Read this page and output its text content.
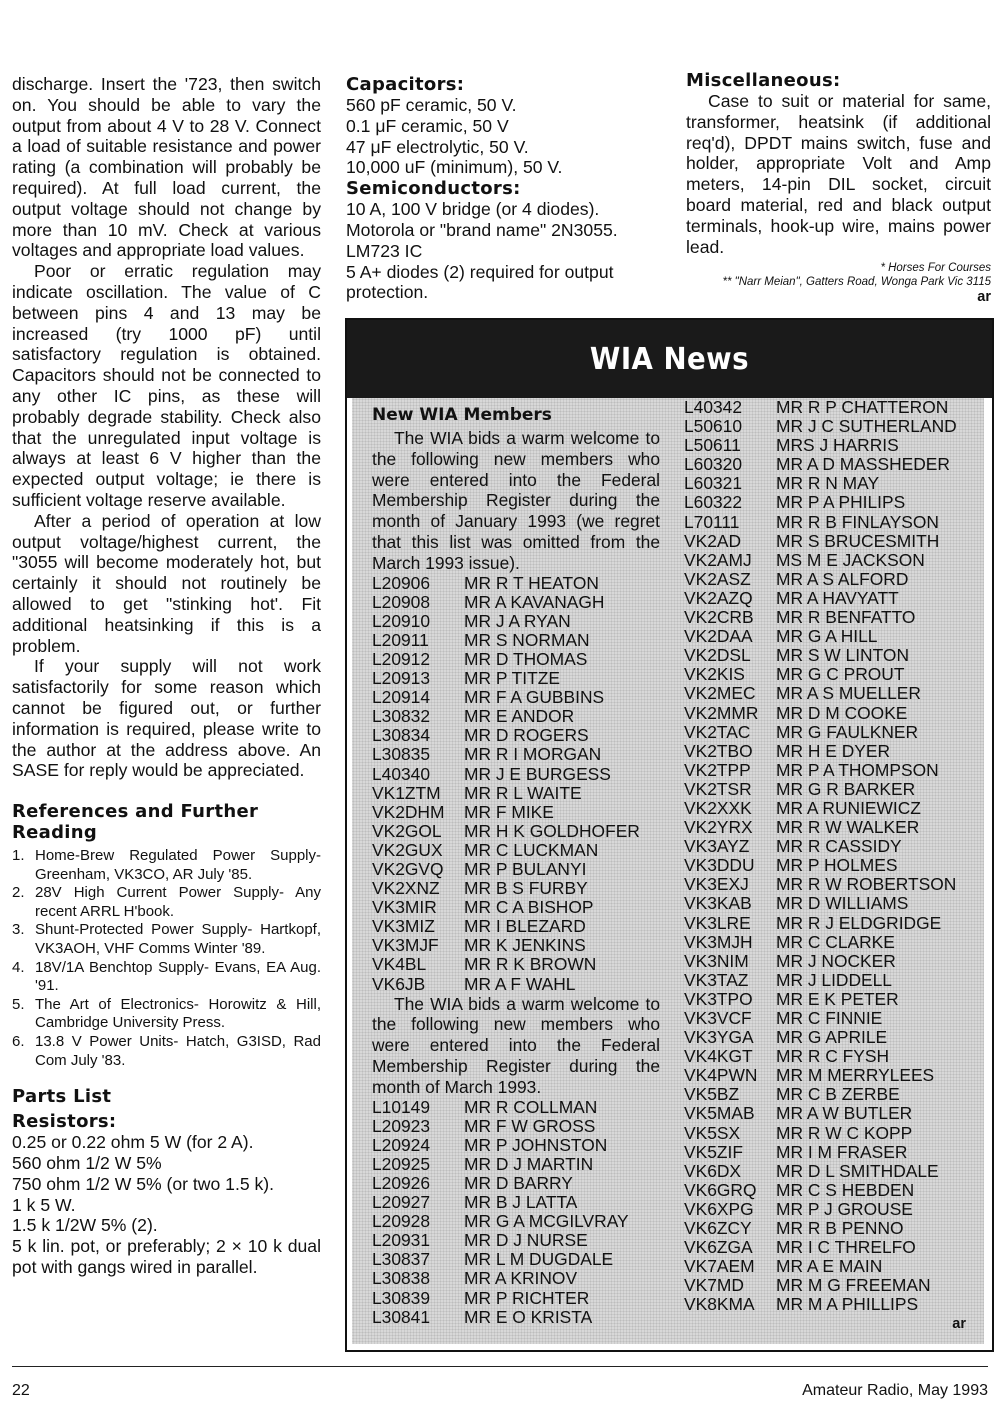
discharge. Insert the '723, then switch on. You should be able to vary the output from about 4 V to 28 V. Connect a load of suitable resistance and power rating (a combination will probably be required). At full load current, the output voltage should not change by more than 10 mV. Check at various voltages and appropriate load values.

Poor or erratic regulation may indicate oscillation. The value of C between pins 4 and 13 may be increased (try 1000 pF) until satisfactory regulation is obtained. Capacitors should not be connected to any other IC pins, as these will probably degrade stability. Check also that the unregulated input voltage is always at least 6 V higher than the expected output voltage; ie there is sufficient voltage reserve available.

After a period of operation at low output voltage/highest current, the "3055 will become moderately hot, but certainly it should not routinely be allowed to get "stinking hot'. Fit additional heatsinking if this is a problem.

If your supply will not work satisfactorily for some reason which cannot be figured out, or further information is required, please write to the author at the address above. An SASE for reply would be appreciated.

References and Further Reading
1. Home-Brew Regulated Power Supply- Greenham, VK3CO, AR July '85.
2. 28V High Current Power Supply- Any recent ARRL H'book.
3. Shunt-Protected Power Supply- Hartkopf, VK3AOH, VHF Comms Winter '89.
4. 18V/1A Benchtop Supply- Evans, EA Aug. '91.
5. The Art of Electronics- Horowitz & Hill, Cambridge University Press.
6. 13.8 V Power Units- Hatch, G3ISD, Rad Com July '83.
Parts List
Resistors:

0.25 or 0.22 ohm 5 W (for 2 A).

560 ohm 1/2 W 5%

750 ohm 1/2 W 5% (or two 1.5 k).

1 k 5 W.

1.5 k 1/2W 5% (2).

5 k lin. pot, or preferably; 2 × 10 k dual pot with gangs wired in parallel.

Capacitors:

560 pF ceramic, 50 V.

0.1 μF ceramic, 50 V

47 μF electrolytic, 50 V.

10,000 uF (minimum), 50 V.

Semiconductors:

10 A, 100 V bridge (or 4 diodes).

Motorola or "brand name" 2N3055.

LM723 IC

5 A+ diodes (2) required for output protection.

Miscellaneous:

Case to suit or material for same, transformer, heatsink (if additional req'd), DPDT mains switch, fuse and holder, appropriate Volt and Amp meters, 14-pin DIL socket, circuit board material, red and black output terminals, hook-up wire, mains power lead.

* Horses For Courses
** "Narr Meian", Gatters Road, Wonga Park Vic 3115
ar
WIA News
New WIA Members

The WIA bids a warm welcome to the following new members who were entered into the Federal Membership Register during the month of January 1993 (we regret that this list was omitted from the March 1993 issue).

L20906	MR R T HEATON
L20908	MR A KAVANAGH
L20910	MR J A RYAN
L20911	MR S NORMAN
L20912	MR D THOMAS
L20913	MR P TITZE
L20914	MR F A GUBBINS
L30832	MR E ANDOR
L30834	MR D ROGERS
L30835	MR R I MORGAN
L40340	MR J E BURGESS
VK1ZTM	MR R L WAITE
VK2DHM	MR F MIKE
VK2GOL	MR H K GOLDHOFER
VK2GUX	MR C LUCKMAN
VK2GVQ	MR P BULANYI
VK2XNZ	MR B S FURBY
VK3MIR	MR C A BISHOP
VK3MIZ	MR I BLEZARD
VK3MJF	MR K JENKINS
VK4BL	MR R K BROWN
VK6JB	MR A F WAHL

The WIA bids a warm welcome to the following new members who were entered into the Federal Membership Register during the month of March 1993.

L10149	MR R COLLMAN
L20923	MR F W GROSS
L20924	MR P JOHNSTON
L20925	MR D J MARTIN
L20926	MR D BARRY
L20927	MR B J LATTA
L20928	MR G A MCGILVRAY
L20931	MR D J NURSE
L30837	MR L M DUGDALE
L30838	MR A KRINOV
L30839	MR P RICHTER
L30841	MR E O KRISTA
L40342	MR R P CHATTERON
L50610	MR J C SUTHERLAND
L50611	MRS J HARRIS
L60320	MR A D MASSHEDER
L60321	MR R N MAY
L60322	MR P A PHILIPS
L70111	MR R B FINLAYSON
VK2AD	MR S BRUCESMITH
VK2AMJ	MS M E JACKSON
VK2ASZ	MR A S ALFORD
VK2AZQ	MR A HAVYATT
VK2CRB	MR R BENFATTO
VK2DAA	MR G A HILL
VK2DSL	MR S W LINTON
VK2KIS	MR G C PROUT
VK2MEC	MR A S MUELLER
VK2MMR	MR D M COOKE
VK2TAC	MR G FAULKNER
VK2TBO	MR H E DYER
VK2TPP	MR P A THOMPSON
VK2TSR	MR G R BARKER
VK2XXK	MR A RUNIEWICZ
VK2YRX	MR R W WALKER
VK3AYZ	MR R CASSIDY
VK3DDU	MR P HOLMES
VK3EXJ	MR R W ROBERTSON
VK3KAB	MR D WILLIAMS
VK3LRE	MR R J ELDGRIDGE
VK3MJH	MR C CLARKE
VK3NIM	MR J NOCKER
VK3TAZ	MR J LIDDELL
VK3TPO	MR E K PETER
VK3VCF	MR C FINNIE
VK3YGA	MR G APRILE
VK4KGT	MR R C FYSH
VK4PWN	MR M MERRYLEES
VK5BZ	MR C B ZERBE
VK5MAB	MR A W BUTLER
VK5SX	MR R W C KOPP
VK5ZIF	MR I M FRASER
VK6DX	MR D L SMITHDALE
VK6GRQ	MR C S HEBDEN
VK6XPG	MR P J GROUSE
VK6ZCY	MR R B PENNO
VK6ZGA	MR I C THRELFO
VK7AEM	MR A E MAIN
VK7MD	MR M G FREEMAN
VK8KMA	MR M A PHILLIPS
ar
22	Amateur Radio, May 1993
